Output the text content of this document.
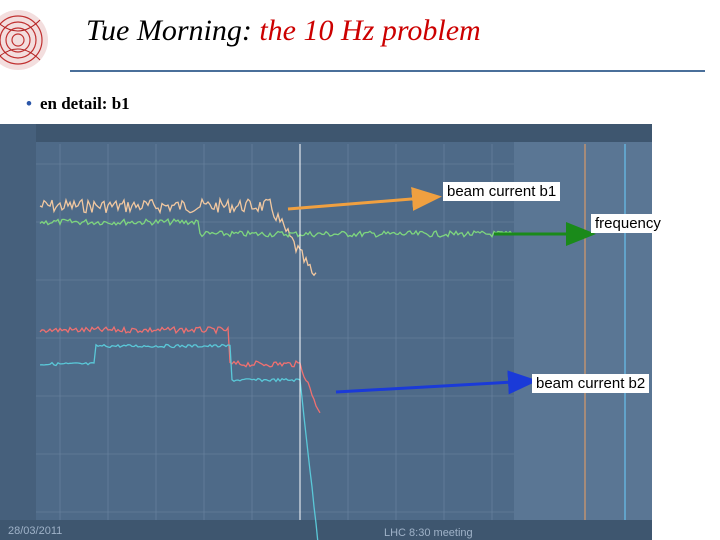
Tue Morning: the 10 Hz problem
• en detail: b1
beam current b1
frequency
beam current b2
28/03/2011	LHC 8:30 meeting
